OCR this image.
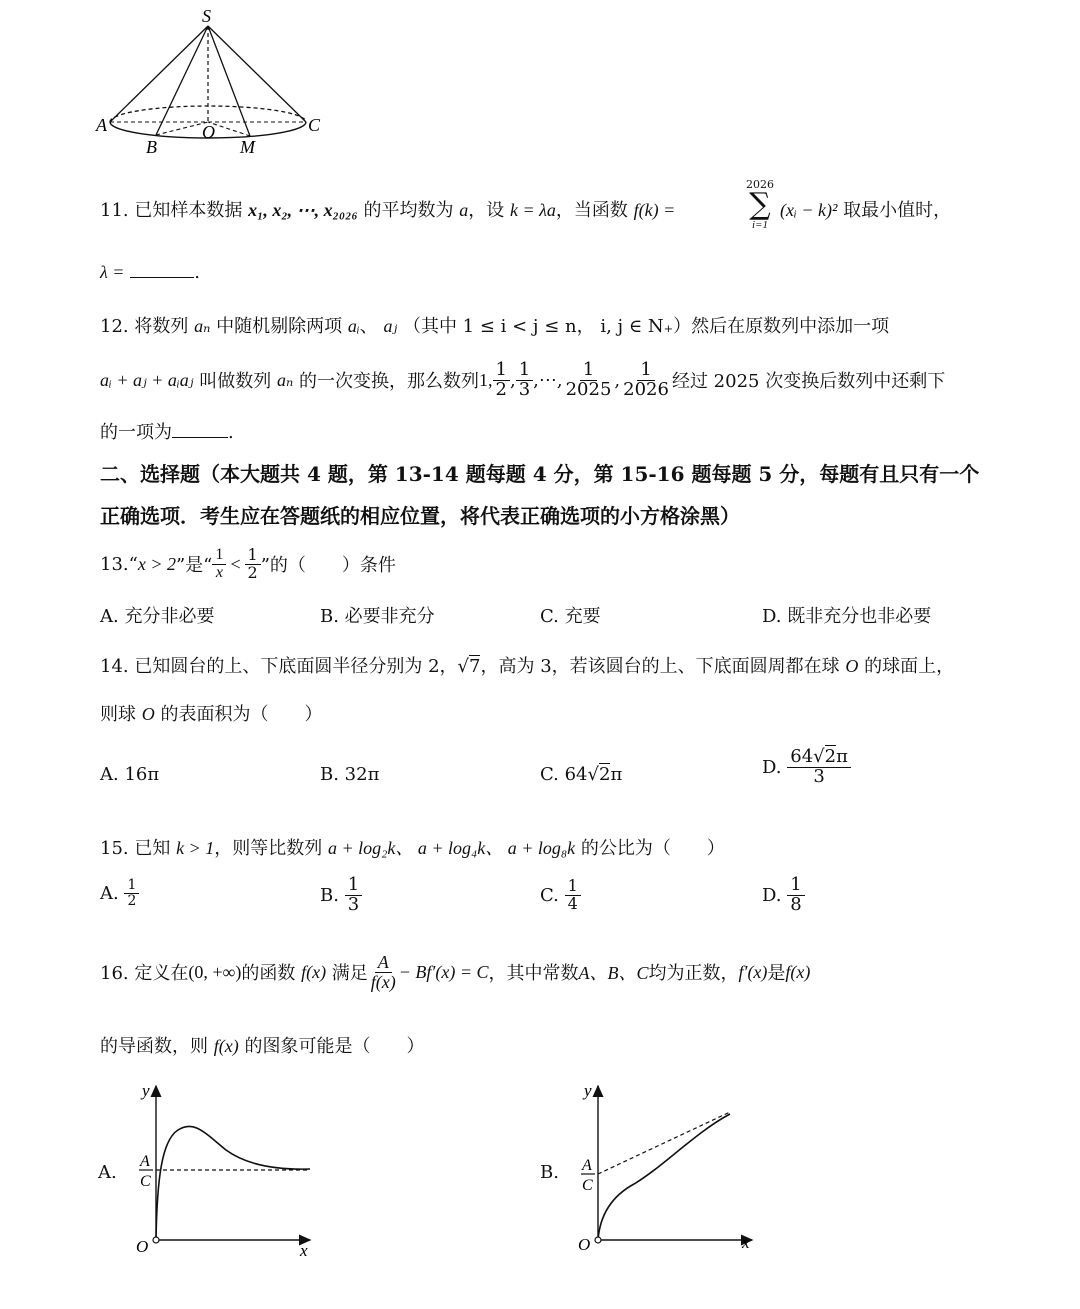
S
A	O	C
B	M
11. 已知样本数据 x₁, x₂, ⋯, x₂₀₂₆ 的平均数为 a，设 k = λa，当函数 f(k) =
2026
∑
i=1
(xᵢ − k)² 取最小值时，
λ =	.
12. 将数列 aₙ 中随机剔除两项 aᵢ、 aⱼ （其中 1 ≤ i < j ≤ n， i, j ∈ N₊）然后在原数列中添加一项
aᵢ + aⱼ + aᵢaⱼ
叫做数列
aₙ
的一次变换，那么数列 1, $\frac{1}{2}$ , $\frac{1}{3}$ ,⋯, $\frac{1}{2025}$ , $\frac{1}{2026}$ 经过 2025 次变换后数列中还剩下
的一项为	.
二、选择题（本大题共 4 题，第 13-14 题每题 4 分，第 15-16 题每题 5 分，每题有且只有一个
正确选项．考生应在答题纸的相应位置，将代表正确选项的小方格涂黑）
13.“ x > 2 ”是“ $\frac{1}{x} < \frac{1}{2}$ ”的（　　）条件
A. 充分非必要	B. 必要非充分	C. 充要	D. 既非充分也非必要
14. 已知圆台的上、下底面圆半径分别为 2，√7，高为 3，若该圆台的上、下底面圆周都在球 O 的球面上，
则球 O 的表面积为（　　）
A. 16π	B. 32π	C. 64√2π	D.
$\frac{64√2\pi}{3}$
15. 已知 k > 1，则等比数列 a + log₂k、 a + log₄k、 a + log₈k 的公比为（　　）
A.
$\frac{1}{2}$	B.
$\frac{1}{3}$	C.
$\frac{1}{4}$	D.
$\frac{1}{8}$
16. 定义在 (0, +∞) 的函数
f(x)
满足 $\frac{A}{f(x)} - Bf'(x) = C$ ，其中常数 A、B、C 均为正数， f′(x) 是 f(x)
的导函数，则 f(x) 的图象可能是（　　）
A.
y
x
O
A
C	B.
y
x
O
A
C
